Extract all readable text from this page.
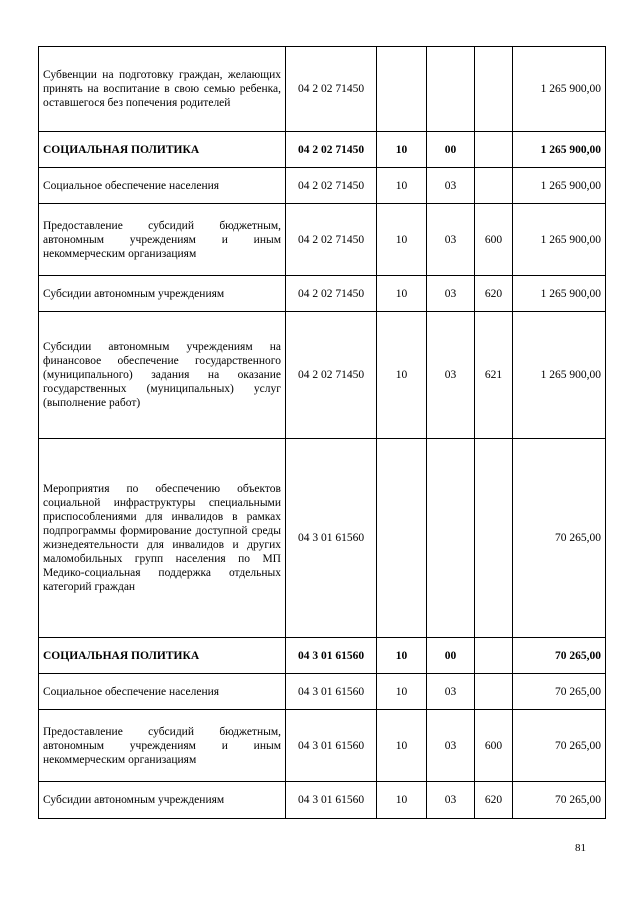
Субвенции на подготовку граждан, желающих принять на воспитание в свою семью ребенка, оставшегося без попечения родителей	04 2 02 71450				1 265 900,00
СОЦИАЛЬНАЯ ПОЛИТИКА	04 2 02 71450	10	00		1 265 900,00
Социальное обеспечение населения	04 2 02 71450	10	03		1 265 900,00
Предоставление субсидий бюджетным, автономным учреждениям и иным некоммерческим организациям	04 2 02 71450	10	03	600	1 265 900,00
Субсидии автономным учреждениям	04 2 02 71450	10	03	620	1 265 900,00
Субсидии автономным учреждениям на финансовое обеспечение государственного (муниципального) задания на оказание государственных (муниципальных) услуг (выполнение работ)	04 2 02 71450	10	03	621	1 265 900,00
Мероприятия по обеспечению объектов социальной инфраструктуры специальными приспособлениями для инвалидов в рамках подпрограммы формирование доступной среды жизнедеятельности для инвалидов и других маломобильных групп населения по МП Медико-социальная поддержка отдельных категорий граждан	04 3 01 61560				70 265,00
СОЦИАЛЬНАЯ ПОЛИТИКА	04 3 01 61560	10	00		70 265,00
Социальное обеспечение населения	04 3 01 61560	10	03		70 265,00
Предоставление субсидий бюджетным, автономным учреждениям и иным некоммерческим организациям	04 3 01 61560	10	03	600	70 265,00
Субсидии автономным учреждениям	04 3 01 61560	10	03	620	70 265,00
81
